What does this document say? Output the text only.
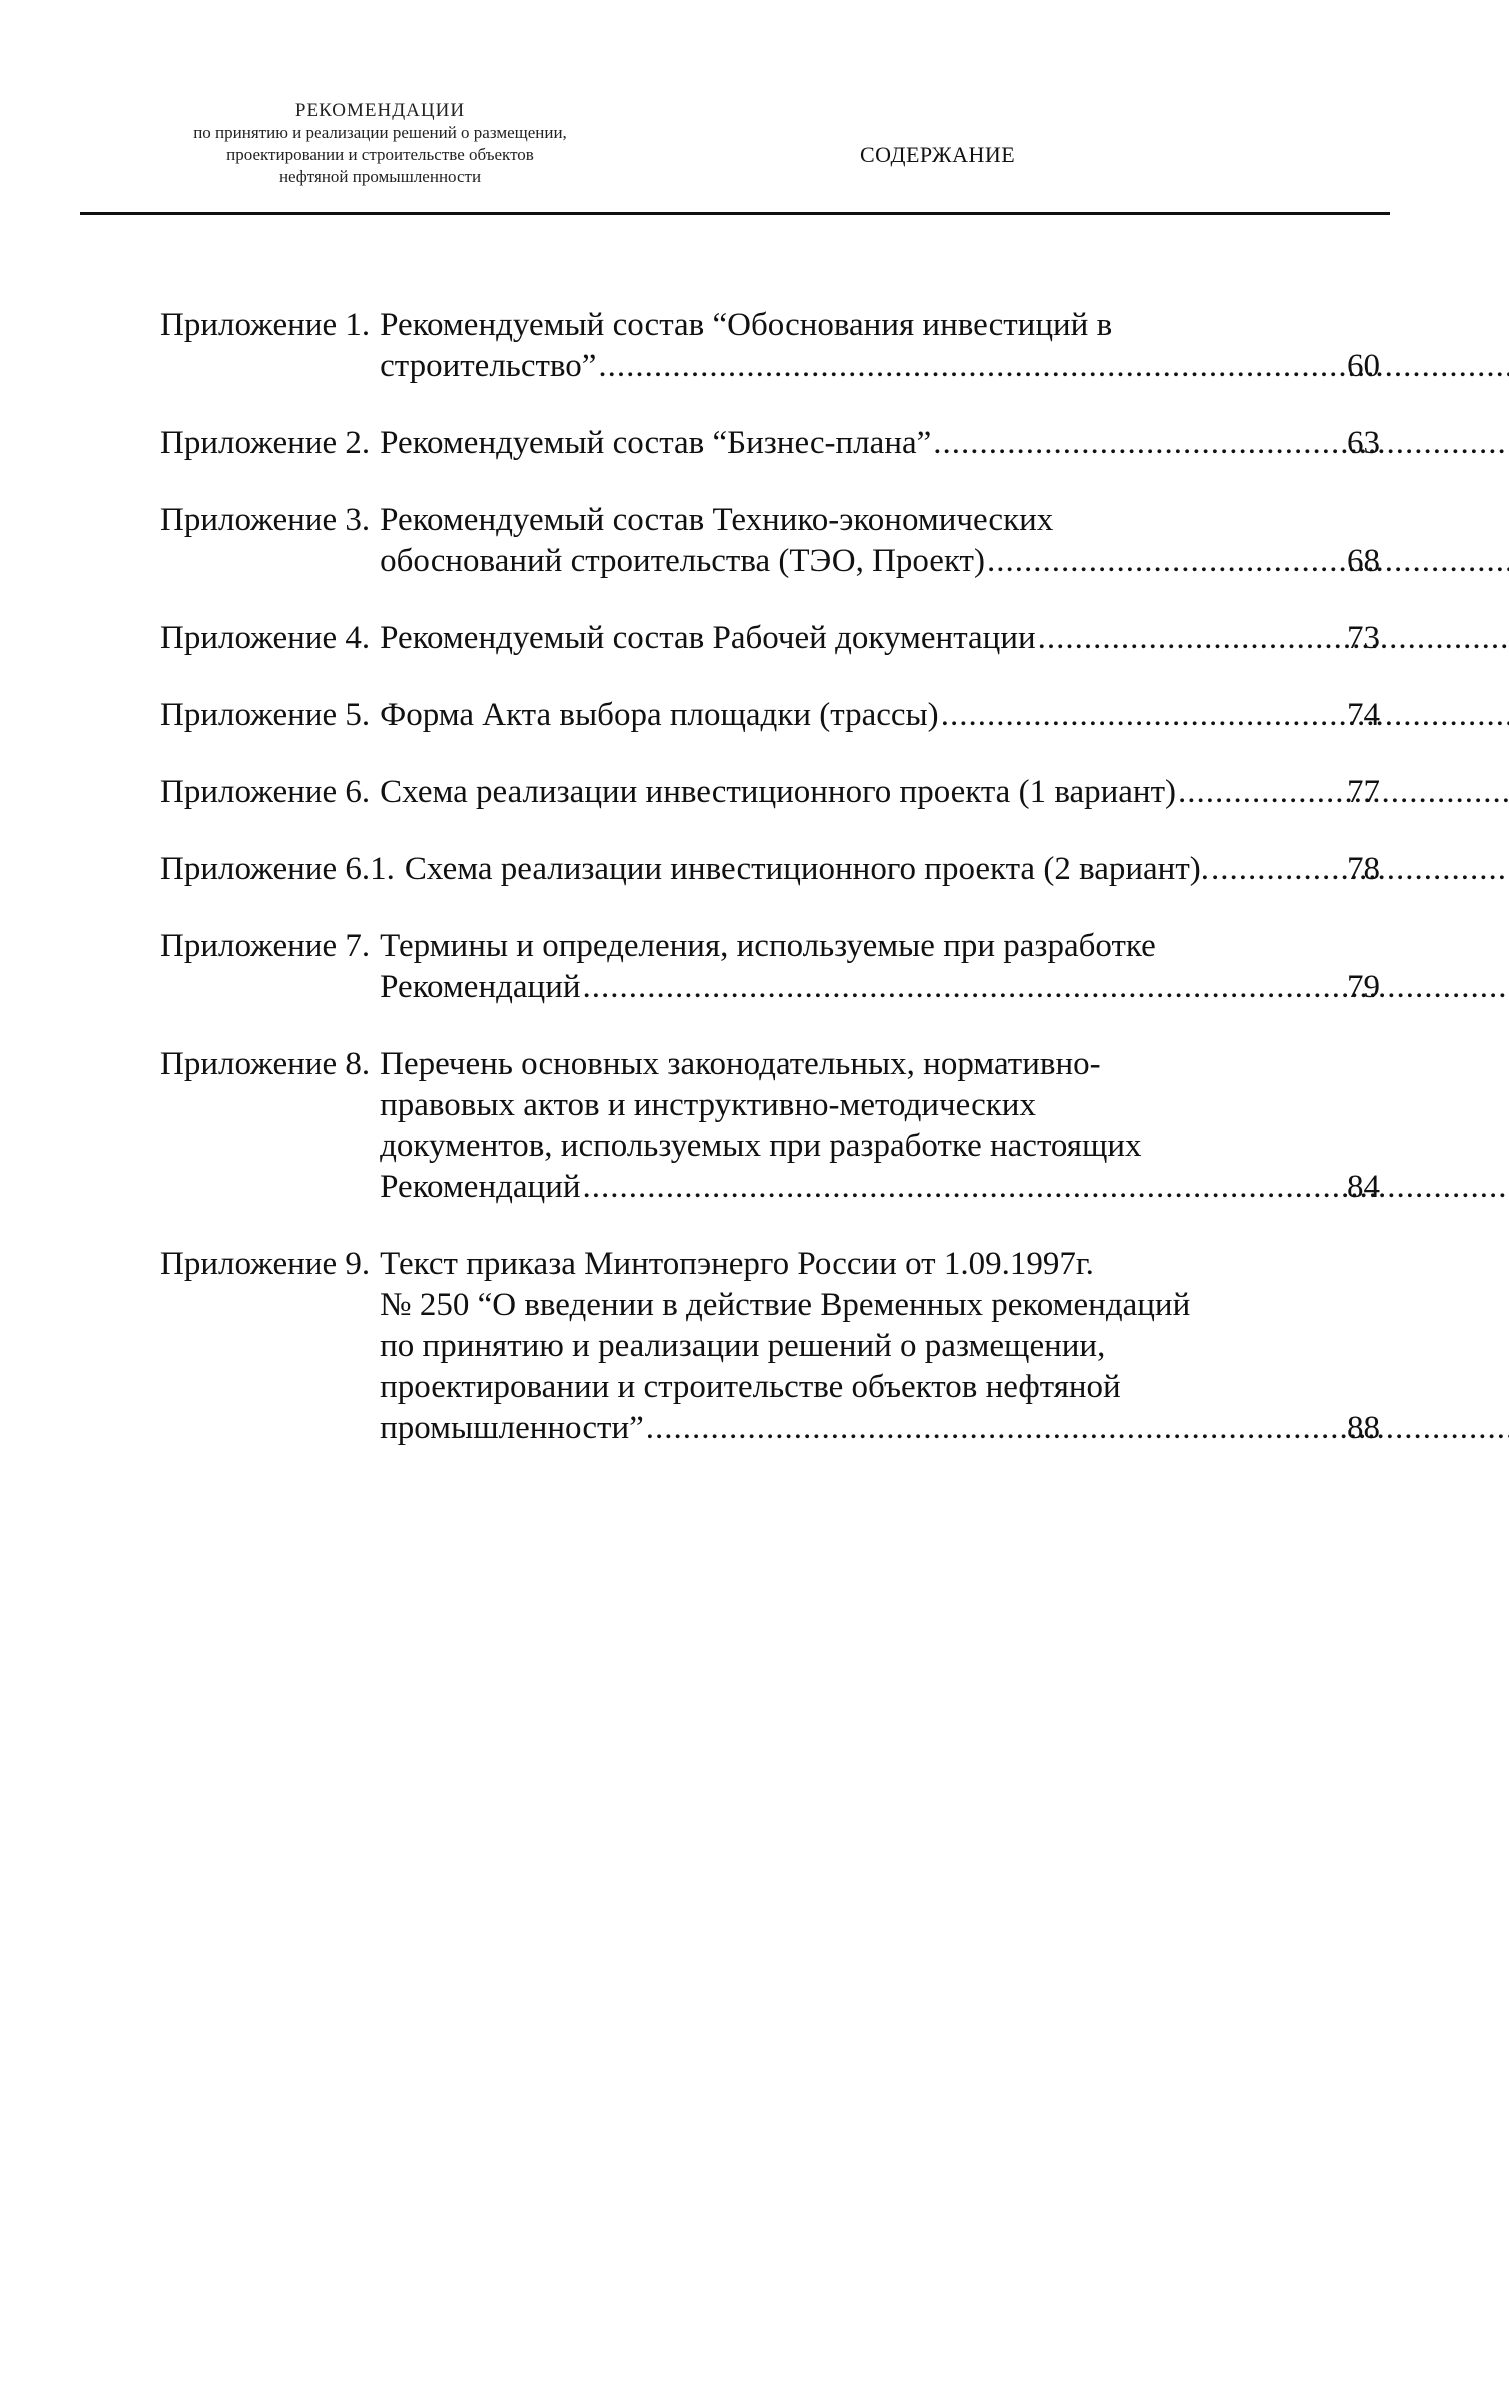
РЕКОМЕНДАЦИИ
по принятию и реализации решений о размещении,
проектировании и строительстве объектов
нефтяной промышленности
СОДЕРЖАНИЕ
Приложение 1. Рекомендуемый состав “Обоснования инвестиций в
строительство” .....	60
Приложение 2. Рекомендуемый состав “Бизнес-плана” .....	63
Приложение 3. Рекомендуемый состав Технико-экономических
обоснований строительства (ТЭО, Проект) .....	68
Приложение 4. Рекомендуемый состав Рабочей документации .....	73
Приложение 5. Форма Акта выбора площадки (трассы) .....	74
Приложение 6. Схема реализации инвестиционного проекта (1 вариант) .....	77
Приложение 6.1. Схема реализации инвестиционного проекта (2 вариант). .....	78
Приложение 7. Термины и определения, используемые при разработке
Рекомендаций .....	79
Приложение 8. Перечень основных законодательных, нормативно-
правовых актов и инструктивно-методических
документов, используемых при разработке настоящих
Рекомендаций .....	84
Приложение 9. Текст приказа Минтопэнерго России от 1.09.1997г.
№ 250 “О введении в действие Временных рекомендаций
по принятию и реализации решений о размещении,
проектировании и строительстве объектов нефтяной
промышленности” .....	88
